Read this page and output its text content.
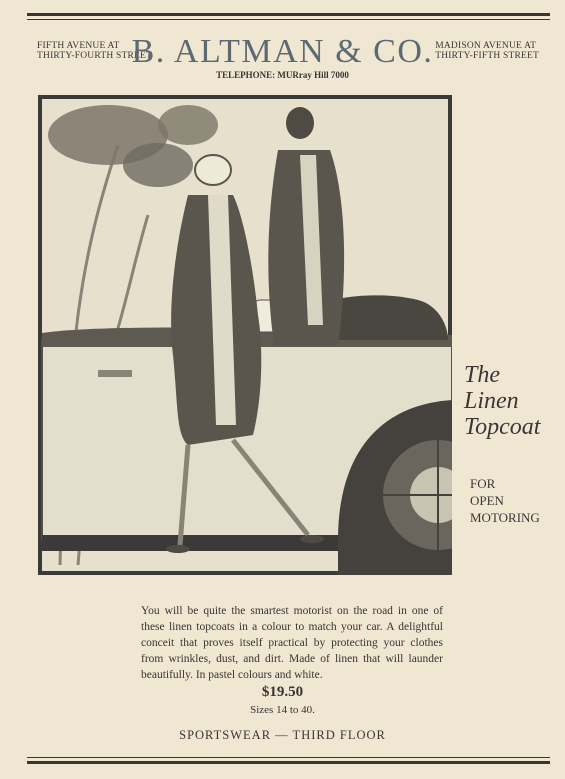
FIFTH AVENUE AT
THIRTY-FOURTH STREET
B. ALTMAN & CO. MADISON AVENUE AT
THIRTY-FIFTH STREET
TELEPHONE: MURray Hill 7000
The
Linen
Topcoat
FOR
OPEN
MOTORING
You will be quite the smartest motorist on the road in one of these linen topcoats in a colour to match your car. A delightful conceit that proves itself practical by protecting your clothes from wrinkles, dust, and dirt. Made of linen that will launder beautifully. In pastel colours and white.
$19.50
Sizes 14 to 40.
SPORTSWEAR — THIRD FLOOR
